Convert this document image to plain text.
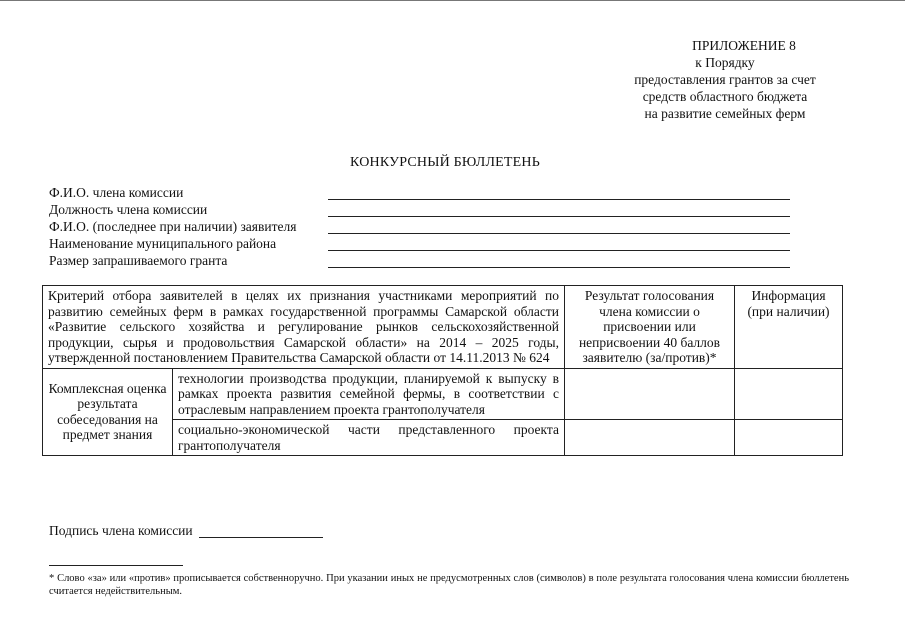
ПРИЛОЖЕНИЕ 8
к Порядку
предоставления грантов за счет
средств областного бюджета
на развитие семейных ферм
КОНКУРСНЫЙ БЮЛЛЕТЕНЬ
Ф.И.О. члена комиссии
Должность члена комиссии
Ф.И.О. (последнее при наличии) заявителя
Наименование муниципального района
Размер запрашиваемого гранта
Критерий отбора заявителей в целях их признания участниками мероприятий по развитию семейных ферм в рамках государственной программы Самарской области «Развитие сельского хозяйства и регулирование рынков сельскохозяйственной продукции, сырья и продовольствия Самарской области» на 2014 – 2025 годы, утвержденной постановлением Правительства Самарской области от 14.11.2013 № 624		Результат голосования члена комиссии о присвоении или неприсвоении 40 баллов заявителю (за/против)*	Информация (при наличии)
Комплексная оценка результата собеседования на предмет знания	технологии производства продукции, планируемой к выпуску в рамках проекта развития семейной фермы, в соответствии с отраслевым направлением проекта грантополучателя		
	социально-экономической части представленного проекта грантополучателя		
Подпись члена комиссии
* Слово «за» или «против» прописывается собственноручно. При указании иных не предусмотренных слов (символов) в поле результата голосования члена комиссии бюллетень считается недействительным.
